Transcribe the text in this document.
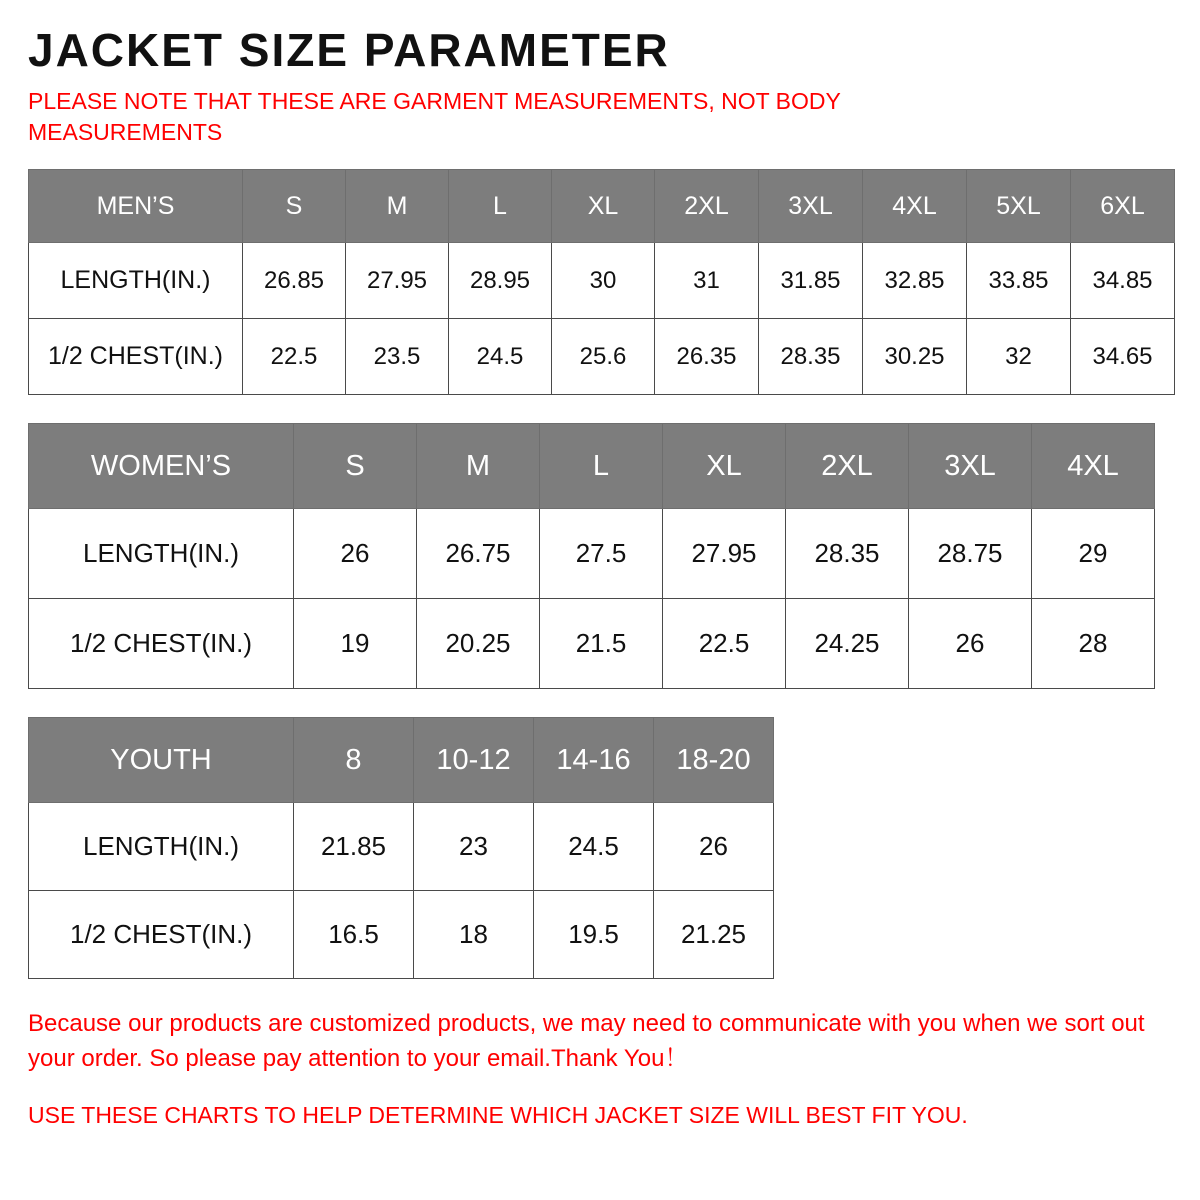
JACKET SIZE PARAMETER

PLEASE NOTE THAT THESE ARE GARMENT MEASUREMENTS, NOT BODY MEASUREMENTS

MEN’S	S	M	L	XL	2XL	3XL	4XL	5XL	6XL
LENGTH(IN.)	26.85	27.95	28.95	30	31	31.85	32.85	33.85	34.85
1/2 CHEST(IN.)	22.5	23.5	24.5	25.6	26.35	28.35	30.25	32	34.65
WOMEN’S	S	M	L	XL	2XL	3XL	4XL
LENGTH(IN.)	26	26.75	27.5	27.95	28.35	28.75	29
1/2 CHEST(IN.)	19	20.25	21.5	22.5	24.25	26	28
YOUTH	8	10-12	14-16	18-20
LENGTH(IN.)	21.85	23	24.5	26
1/2 CHEST(IN.)	16.5	18	19.5	21.25

Because our products are customized products, we may need to communicate with you when we sort out your order. So please pay attention to your email.Thank You！

USE THESE CHARTS TO HELP DETERMINE WHICH JACKET SIZE WILL BEST FIT YOU.
